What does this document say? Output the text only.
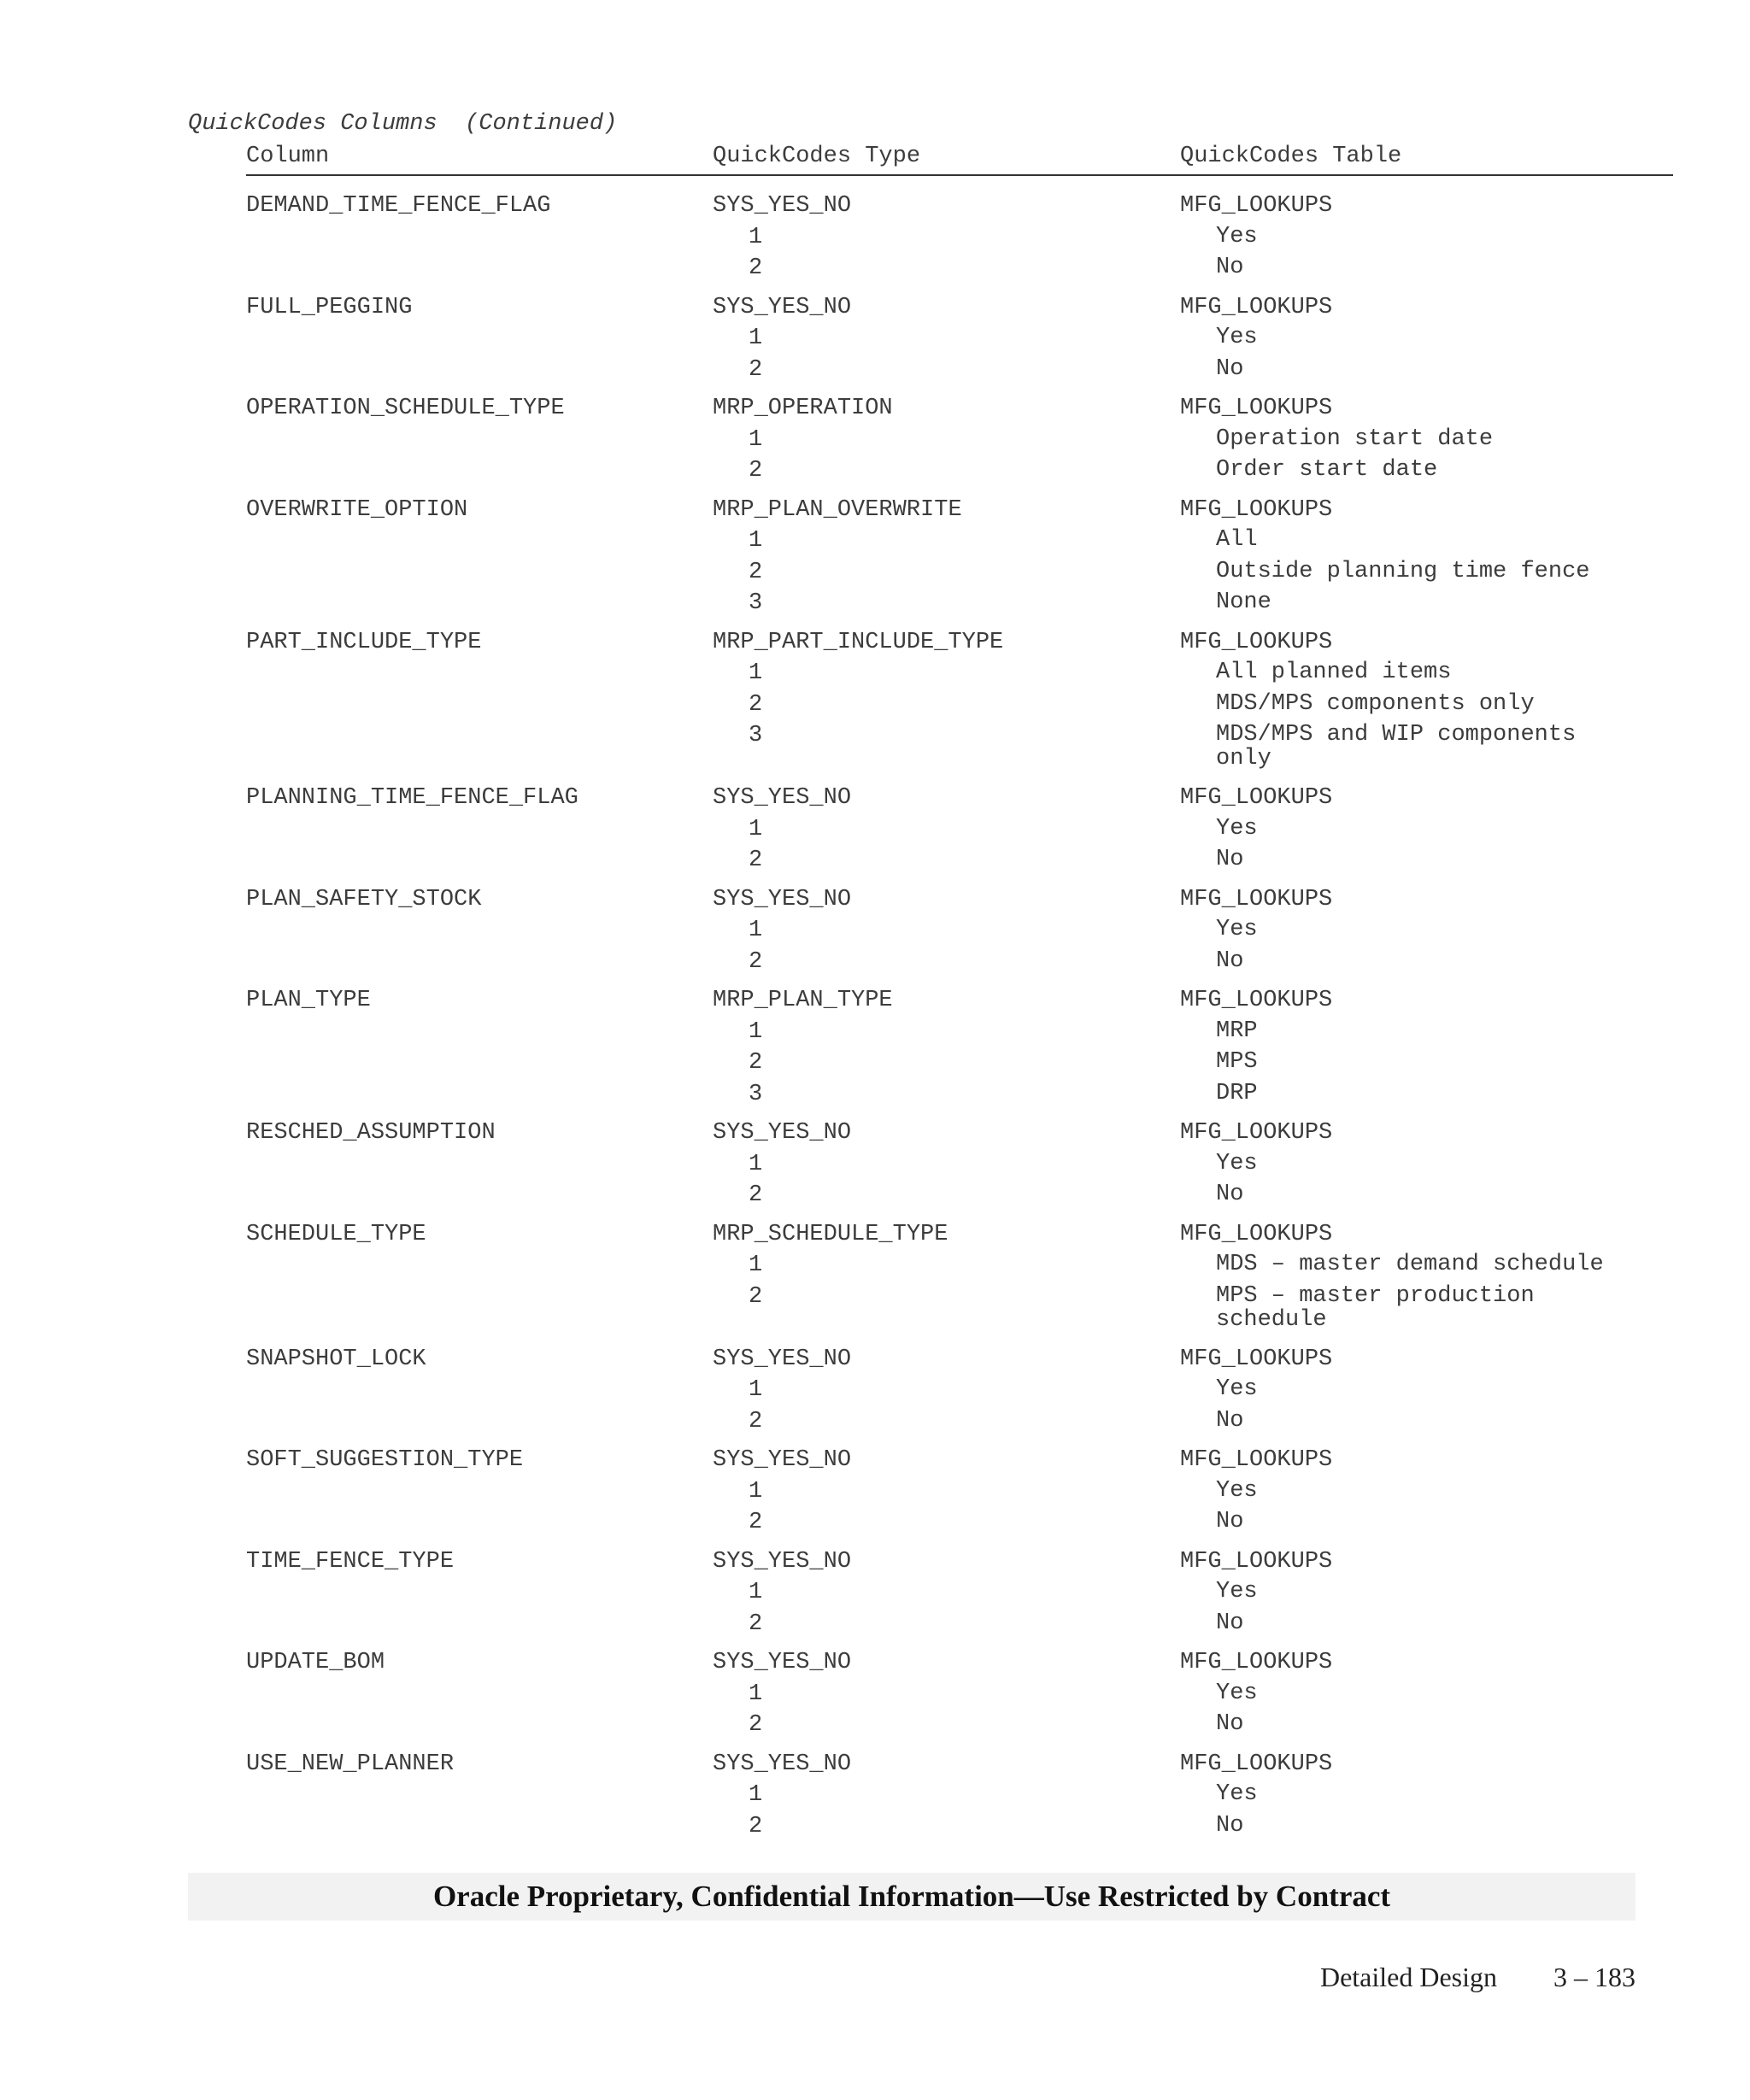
QuickCodes Columns  (Continued)

Column	QuickCodes Type	QuickCodes Table
DEMAND_TIME_FENCE_FLAG	SYS_YES_NO	MFG_LOOKUPS
1	Yes
2	No
FULL_PEGGING	SYS_YES_NO	MFG_LOOKUPS
1	Yes
2	No
OPERATION_SCHEDULE_TYPE	MRP_OPERATION	MFG_LOOKUPS
1	Operation start date
2	Order start date
OVERWRITE_OPTION	MRP_PLAN_OVERWRITE	MFG_LOOKUPS
1	All
2	Outside planning time fence
3	None
PART_INCLUDE_TYPE	MRP_PART_INCLUDE_TYPE	MFG_LOOKUPS
1	All planned items
2	MDS/MPS components only
3	MDS/MPS and WIP components only
PLANNING_TIME_FENCE_FLAG	SYS_YES_NO	MFG_LOOKUPS
1	Yes
2	No
PLAN_SAFETY_STOCK	SYS_YES_NO	MFG_LOOKUPS
1	Yes
2	No
PLAN_TYPE	MRP_PLAN_TYPE	MFG_LOOKUPS
1	MRP
2	MPS
3	DRP
RESCHED_ASSUMPTION	SYS_YES_NO	MFG_LOOKUPS
1	Yes
2	No
SCHEDULE_TYPE	MRP_SCHEDULE_TYPE	MFG_LOOKUPS
1	MDS – master demand schedule
2	MPS – master production schedule
SNAPSHOT_LOCK	SYS_YES_NO	MFG_LOOKUPS
1	Yes
2	No
SOFT_SUGGESTION_TYPE	SYS_YES_NO	MFG_LOOKUPS
1	Yes
2	No
TIME_FENCE_TYPE	SYS_YES_NO	MFG_LOOKUPS
1	Yes
2	No
UPDATE_BOM	SYS_YES_NO	MFG_LOOKUPS
1	Yes
2	No
USE_NEW_PLANNER	SYS_YES_NO	MFG_LOOKUPS
1	Yes
2	No
Oracle Proprietary, Confidential Information––Use Restricted by Contract
Detailed Design 3 – 183
